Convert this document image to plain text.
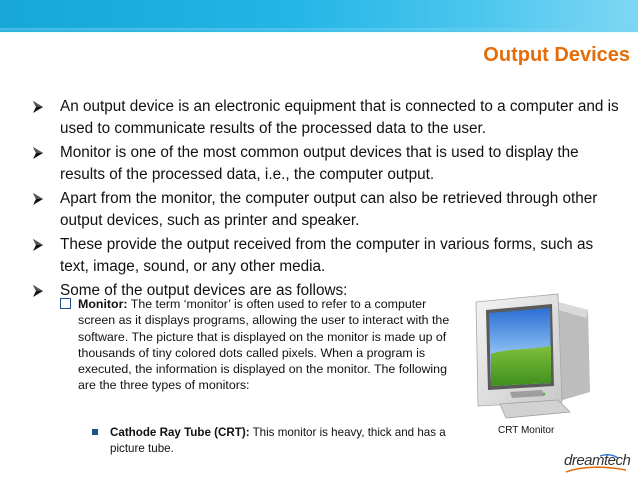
Output Devices
An output device is an electronic equipment that is connected to a computer and is used to communicate results of the processed data to the user.
Monitor is one of the most common output devices that is used to display the results of the processed data, i.e., the computer output.
Apart from the monitor, the computer output can also be retrieved through other output devices, such as printer and speaker.
These provide the output received from the computer in various forms, such as text, image, sound, or any other media.
Some of the output devices are as follows:
Monitor: The term ‘monitor’ is often used to refer to a computer screen as it displays programs, allowing the user to interact with the software. The picture that is displayed on the monitor is made up of thousands of tiny colored dots called pixels. When a program is executed, the information is displayed on the monitor. The following are the three types of monitors:
Cathode Ray Tube (CRT): This monitor is heavy, thick and has a picture tube.
CRT Monitor
dreamtech
